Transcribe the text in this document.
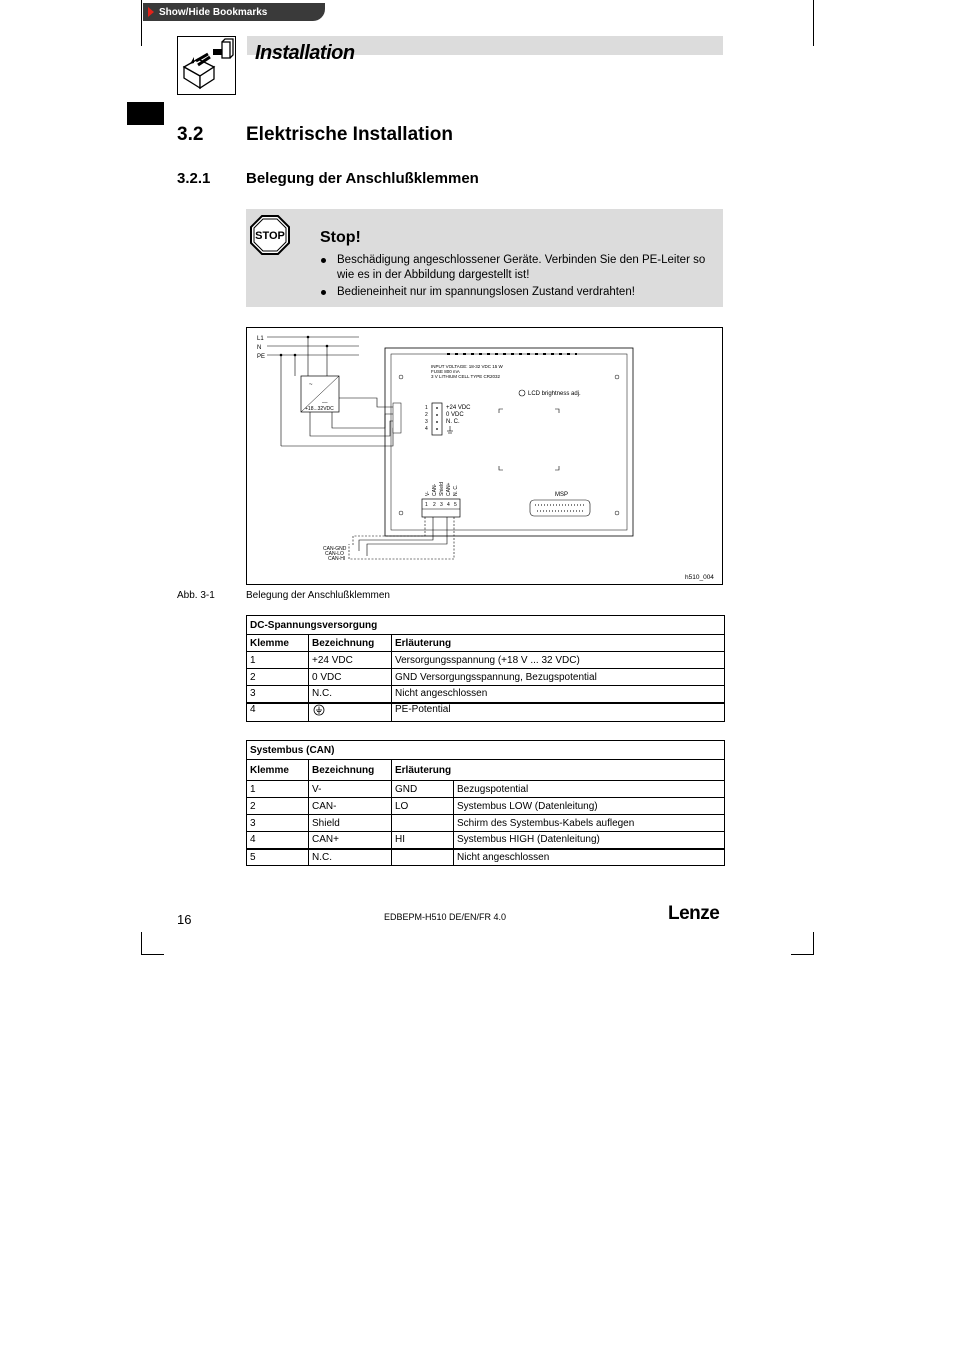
Show/Hide Bookmarks
Installation
3.2 Elektrische Installation
3.2.1 Belegung der Anschlußklemmen
STOP Stop!
Beschädigung angeschlossener Geräte. Verbinden Sie den PE-Leiter so wie es in der Abbildung dargestellt ist!
Bedieneinheit nur im spannungslosen Zustand verdrahten!
L1
N
PE
~
––
+18...32VDC
INPUT VOLTAGE: 18-32 VDC 15 W
FUSE 800 mA
3 V LITHIUM CELL TYPE CR2032
LCD brightness adj.
1
2
3
4
+24 VDC
0 VDC
N. C.
V- CAN- Shield CAN+ N. C.
1 2 3 4 5
MSP
CAN-GND
CAN-LO
CAN-HI
h510_004
Abb. 3-1	Belegung der Anschlußklemmen
DC-Spannungsversorgung		
Klemme	Bezeichnung	Erläuterung
1	+24 VDC	Versorgungsspannung (+18 V ... 32 VDC)
2	0 VDC	GND Versorgungsspannung, Bezugspotential
3	N.C.	Nicht angeschlossen
4		PE-Potential
Systembus (CAN)			
Klemme	Bezeichnung	Erläuterung	
1	V-	GND	Bezugspotential
2	CAN-	LO	Systembus LOW (Datenleitung)
3	Shield		Schirm des Systembus-Kabels auflegen
4	CAN+	HI	Systembus HIGH (Datenleitung)
5	N.C.		Nicht angeschlossen
16	EDBEPM-H510 DE/EN/FR 4.0	Lenze
